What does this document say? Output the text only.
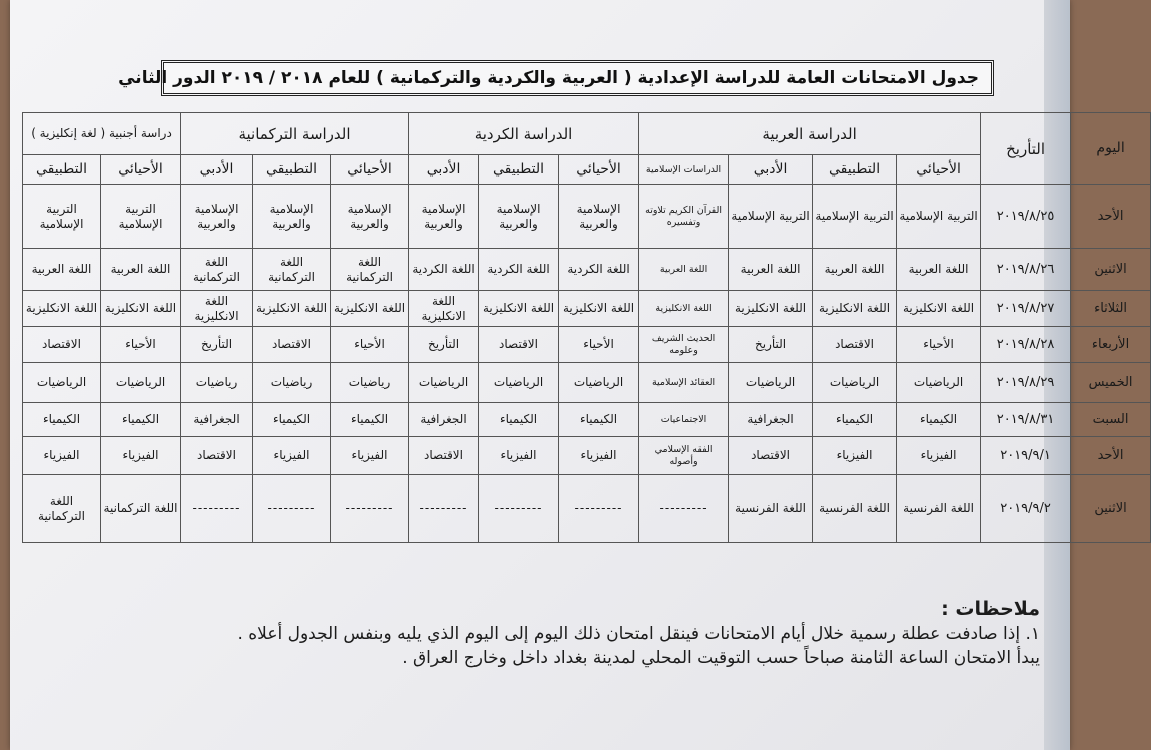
جدول الامتحانات العامة للدراسة الإعدادية ( العربية والكردية والتركمانية ) للعام ٢٠١٨ / ٢٠١٩ الدور الثاني
اليوم	التأريخ	الدراسة العربية				الدراسة الكردية			الدراسة التركمانية			دراسة أجنبية ( لغة إنكليزية )	
		الأحيائي	التطبيقي	الأدبي	الدراسات الإسلامية	الأحيائي	التطبيقي	الأدبي	الأحيائي	التطبيقي	الأدبي	الأحيائي	التطبيقي
الأحد	٢٠١٩/٨/٢٥	التربية الإسلامية	التربية الإسلامية	التربية الإسلامية	القرآن الكريم تلاوته وتفسيره	الإسلامية والعربية	الإسلامية والعربية	الإسلامية والعربية	الإسلامية والعربية	الإسلامية والعربية	الإسلامية والعربية	التربية الإسلامية	التربية الإسلامية
الاثنين	٢٠١٩/٨/٢٦	اللغة العربية	اللغة العربية	اللغة العربية	اللغة العربية	اللغة الكردية	اللغة الكردية	اللغة الكردية	اللغة التركمانية	اللغة التركمانية	اللغة التركمانية	اللغة العربية	اللغة العربية
الثلاثاء	٢٠١٩/٨/٢٧	اللغة الانكليزية	اللغة الانكليزية	اللغة الانكليزية	اللغة الانكليزية	اللغة الانكليزية	اللغة الانكليزية	اللغة الانكليزية	اللغة الانكليزية	اللغة الانكليزية	اللغة الانكليزية	اللغة الانكليزية	اللغة الانكليزية
الأربعاء	٢٠١٩/٨/٢٨	الأحياء	الاقتصاد	التأريخ	الحديث الشريف وعلومه	الأحياء	الاقتصاد	التأريخ	الأحياء	الاقتصاد	التأريخ	الأحياء	الاقتصاد
الخميس	٢٠١٩/٨/٢٩	الرياضيات	الرياضيات	الرياضيات	العقائد الإسلامية	الرياضيات	الرياضيات	الرياضيات	رياضيات	رياضيات	رياضيات	الرياضيات	الرياضيات
السبت	٢٠١٩/٨/٣١	الكيمياء	الكيمياء	الجغرافية	الاجتماعيات	الكيمياء	الكيمياء	الجغرافية	الكيمياء	الكيمياء	الجغرافية	الكيمياء	الكيمياء
الأحد	٢٠١٩/٩/١	الفيزياء	الفيزياء	الاقتصاد	الفقه الإسلامي وأصوله	الفيزياء	الفيزياء	الاقتصاد	الفيزياء	الفيزياء	الاقتصاد	الفيزياء	الفيزياء
الاثنين	٢٠١٩/٩/٢	اللغة الفرنسية	اللغة الفرنسية	اللغة الفرنسية	---------	---------	---------	---------	---------	---------	---------	اللغة التركمانية	اللغة التركمانية
ملاحظات :
١. إذا صادفت عطلة رسمية خلال أيام الامتحانات فينقل امتحان ذلك اليوم إلى اليوم الذي يليه وبنفس الجدول أعلاه .
يبدأ الامتحان الساعة الثامنة صباحاً حسب التوقيت المحلي لمدينة بغداد داخل وخارج العراق .
